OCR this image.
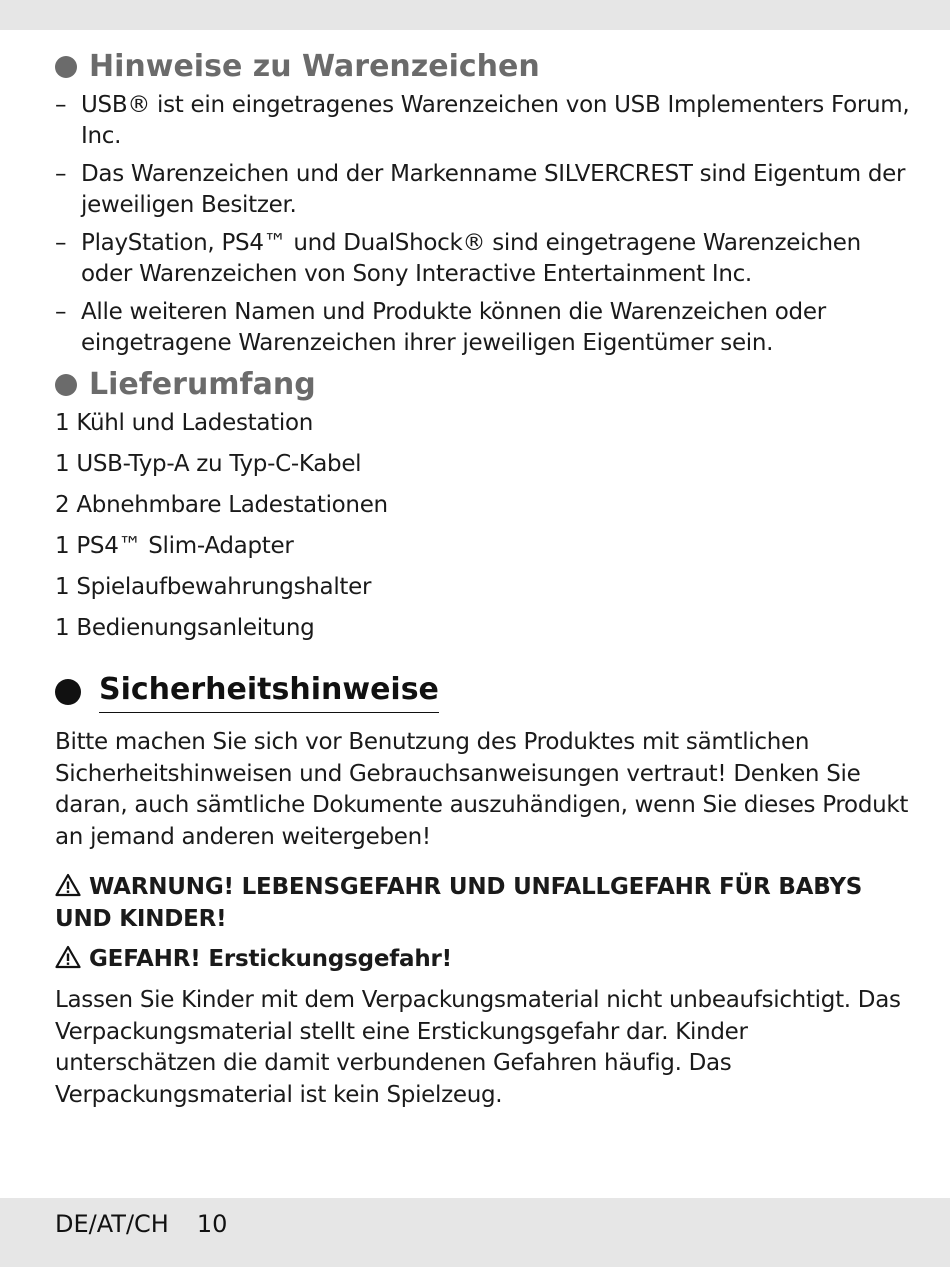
Hinweise zu Warenzeichen
– USB® ist ein eingetragenes Warenzeichen von USB Implementers Forum, Inc.
– Das Warenzeichen und der Markenname SILVERCREST sind Eigentum der jeweiligen Besitzer.
– PlayStation, PS4™ und DualShock® sind eingetragene Warenzeichen oder Warenzeichen von Sony Interactive Entertainment Inc.
– Alle weiteren Namen und Produkte können die Warenzeichen oder eingetragene Warenzeichen ihrer jeweiligen Eigentümer sein.
Lieferumfang
1 Kühl und Ladestation
1 USB-Typ-A zu Typ-C-Kabel
2 Abnehmbare Ladestationen
1 PS4™ Slim-Adapter
1 Spielaufbewahrungshalter
1 Bedienungsanleitung
Sicherheitshinweise

Bitte machen Sie sich vor Benutzung des Produktes mit sämtlichen Sicherheitshinweisen und Gebrauchsanweisungen vertraut! Denken Sie daran, auch sämtliche Dokumente auszuhändigen, wenn Sie dieses Produkt an jemand anderen weitergeben!

WARNUNG! LEBENSGEFAHR UND UNFALLGEFAHR FÜR BABYS UND KINDER!
GEFAHR! Erstickungsgefahr!

Lassen Sie Kinder mit dem Verpackungsmaterial nicht unbeaufsichtigt. Das Verpackungsmaterial stellt eine Erstickungsgefahr dar. Kinder unterschätzen die damit verbundenen Gefahren häufig. Das Verpackungsmaterial ist kein Spielzeug.

DE/AT/CH 10
